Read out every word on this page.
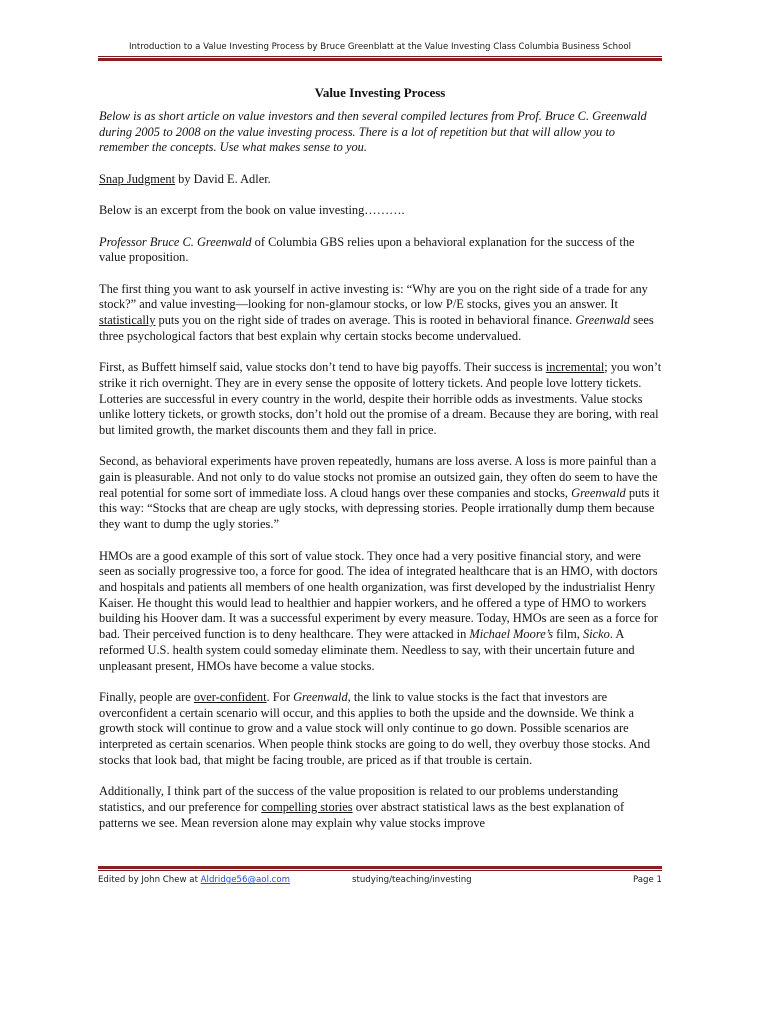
Introduction to a Value Investing Process by Bruce Greenblatt at the Value Investing Class Columbia Business School
Value Investing Process

Below is as short article on value investors and then several compiled lectures from Prof. Bruce C. Greenwald during 2005 to 2008 on the value investing process. There is a lot of repetition but that will allow you to remember the concepts. Use what makes sense to you.

Snap Judgment by David E. Adler.

Below is an excerpt from the book on value investing……….

Professor Bruce C. Greenwald of Columbia GBS relies upon a behavioral explanation for the success of the value proposition.

The first thing you want to ask yourself in active investing is: “Why are you on the right side of a trade for any stock?” and value investing—looking for non-glamour stocks, or low P/E stocks, gives you an answer. It statistically puts you on the right side of trades on average. This is rooted in behavioral finance. Greenwald sees three psychological factors that best explain why certain stocks become undervalued.

First, as Buffett himself said, value stocks don’t tend to have big payoffs. Their success is incremental; you won’t strike it rich overnight. They are in every sense the opposite of lottery tickets. And people love lottery tickets. Lotteries are successful in every country in the world, despite their horrible odds as investments. Value stocks unlike lottery tickets, or growth stocks, don’t hold out the promise of a dream. Because they are boring, with real but limited growth, the market discounts them and they fall in price.

Second, as behavioral experiments have proven repeatedly, humans are loss averse. A loss is more painful than a gain is pleasurable. And not only to do value stocks not promise an outsized gain, they often do seem to have the real potential for some sort of immediate loss. A cloud hangs over these companies and stocks, Greenwald puts it this way: “Stocks that are cheap are ugly stocks, with depressing stories. People irrationally dump them because they want to dump the ugly stories.”

HMOs are a good example of this sort of value stock. They once had a very positive financial story, and were seen as socially progressive too, a force for good. The idea of integrated healthcare that is an HMO, with doctors and hospitals and patients all members of one health organization, was first developed by the industrialist Henry Kaiser. He thought this would lead to healthier and happier workers, and he offered a type of HMO to workers building his Hoover dam. It was a successful experiment by every measure. Today, HMOs are seen as a force for bad. Their perceived function is to deny healthcare. They were attacked in Michael Moore’s film, Sicko. A reformed U.S. health system could someday eliminate them. Needless to say, with their uncertain future and unpleasant present, HMOs have become a value stocks.

Finally, people are over-confident. For Greenwald, the link to value stocks is the fact that investors are overconfident a certain scenario will occur, and this applies to both the upside and the downside. We think a growth stock will continue to grow and a value stock will only continue to go down. Possible scenarios are interpreted as certain scenarios. When people think stocks are going to do well, they overbuy those stocks. And stocks that look bad, that might be facing trouble, are priced as if that trouble is certain.

Additionally, I think part of the success of the value proposition is related to our problems understanding statistics, and our preference for compelling stories over abstract statistical laws as the best explanation of patterns we see. Mean reversion alone may explain why value stocks improve

Edited by John Chew at Aldridge56@aol.com	studying/teaching/investing	Page 1
